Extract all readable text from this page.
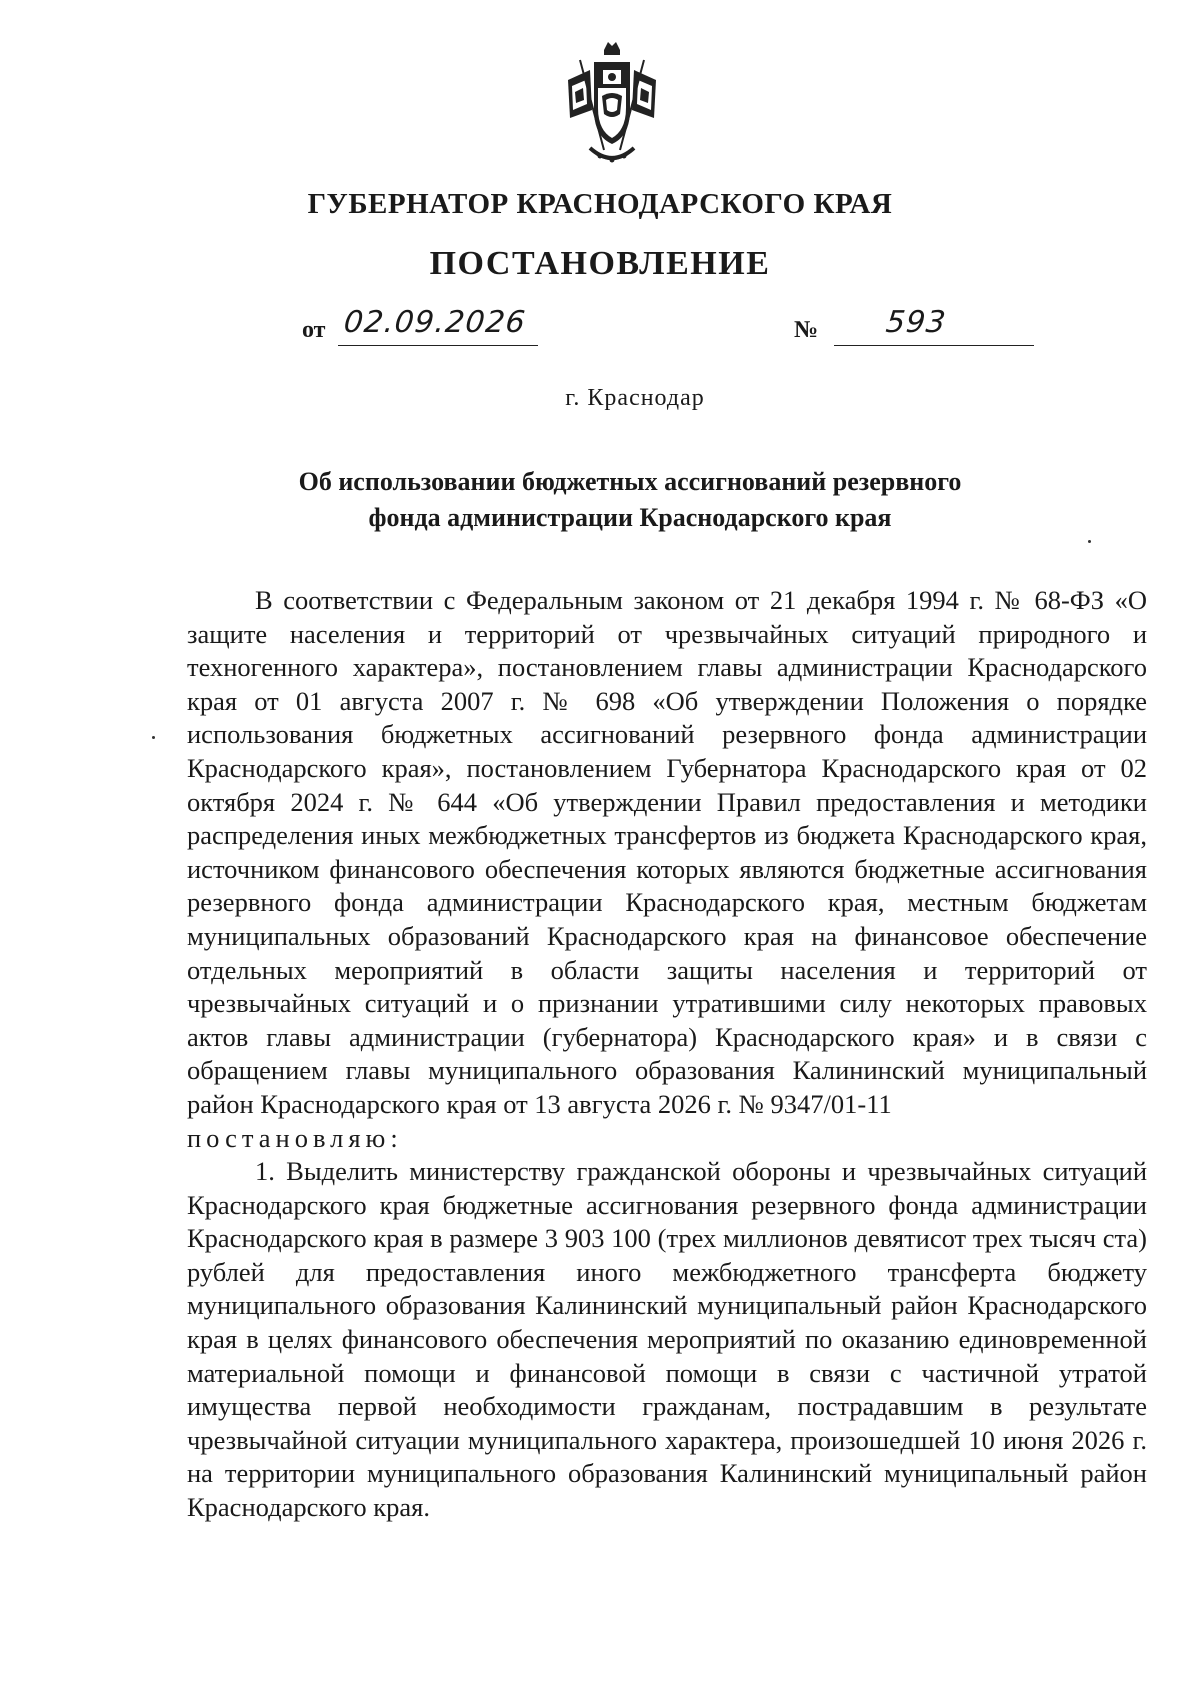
ГУБЕРНАТОР КРАСНОДАРСКОГО КРАЯ
ПОСТАНОВЛЕНИЕ
от 02.09.2026	№ 593
г. Краснодар
Об использовании бюджетных ассигнований резервного
фонда администрации Краснодарского края

В соответствии с Федеральным законом от 21 декабря 1994 г. № 68-ФЗ «О защите населения и территорий от чрезвычайных ситуаций природного и техногенного характера», постановлением главы администрации Краснодарского края от 01 августа 2007 г. № 698 «Об утверждении Положения о порядке использования бюджетных ассигнований резервного фонда администрации Краснодарского края», постановлением Губернатора Краснодарского края от 02 октября 2024 г. № 644 «Об утверждении Правил предоставления и методики распределения иных межбюджетных трансфертов из бюджета Краснодарского края, источником финансового обеспечения которых являются бюджетные ассигнования резервного фонда администрации Краснодарского края, местным бюджетам муниципальных образований Краснодарского края на финансовое обеспечение отдельных мероприятий в области защиты населения и территорий от чрезвычайных ситуаций и о признании утратившими силу некоторых правовых актов главы администрации (губернатора) Краснодарского края» и в связи с обращением главы муниципального образования Калининский муниципальный район Краснодарского края от 13 августа 2026 г. № 9347/01-11

постановляю:

1. Выделить министерству гражданской обороны и чрезвычайных ситуаций Краснодарского края бюджетные ассигнования резервного фонда администрации Краснодарского края в размере 3 903 100 (трех миллионов девятисот трех тысяч ста) рублей для предоставления иного межбюджетного трансферта бюджету муниципального образования Калининский муниципальный район Краснодарского края в целях финансового обеспечения мероприятий по оказанию единовременной материальной помощи и финансовой помощи в связи с частичной утратой имущества первой необходимости гражданам, пострадавшим в результате чрезвычайной ситуации муниципального характера, произошедшей 10 июня 2026 г. на территории муниципального образования Калининский муниципальный район Краснодарского края.
